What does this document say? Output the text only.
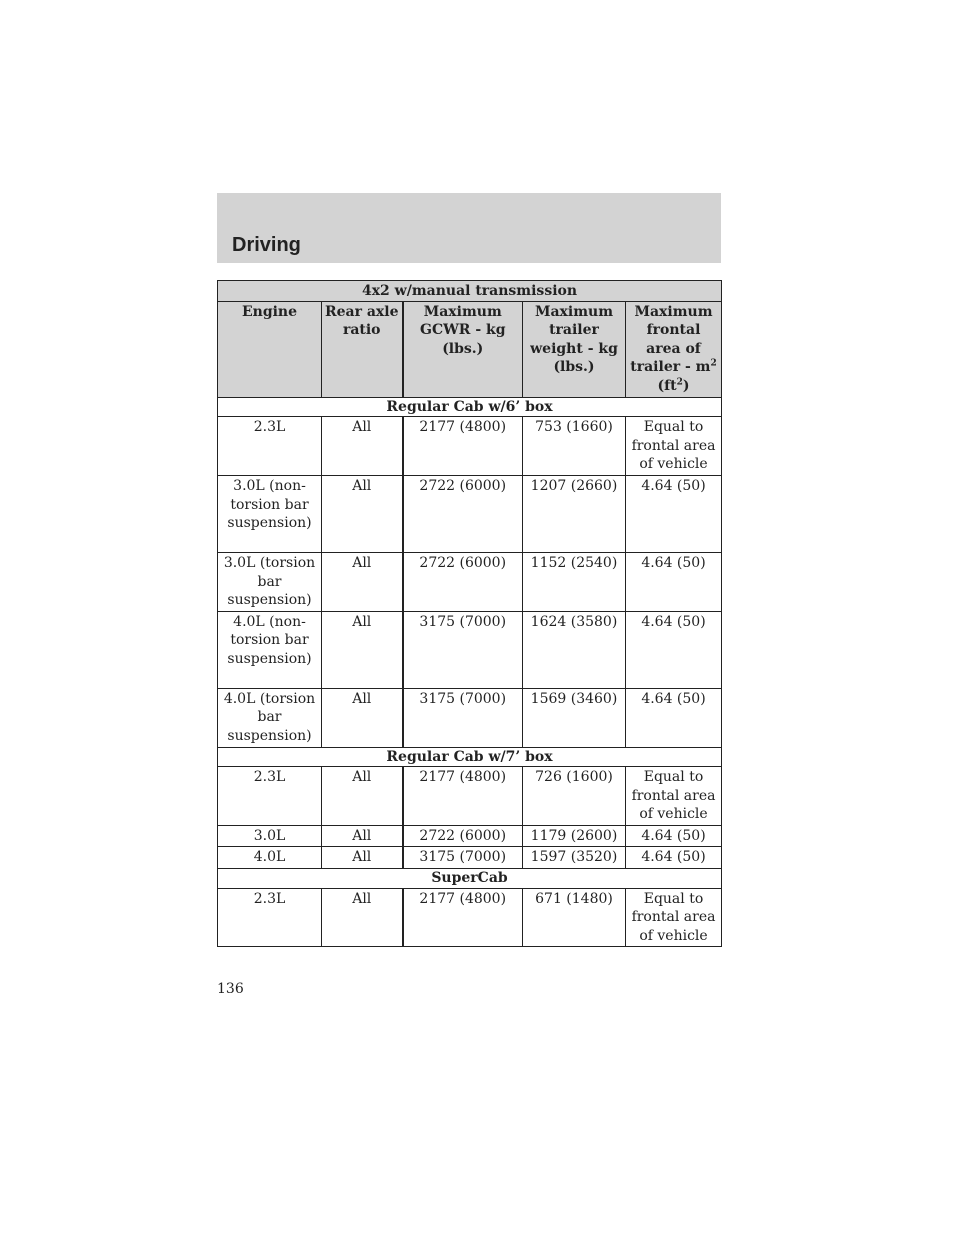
Driving
4x2 w/manual transmission				
Engine	Rear axle ratio	Maximum GCWR - kg (lbs.)	Maximum trailer weight - kg (lbs.)	Maximum frontal area of trailer - $m^2$ $(ft^2)$
Regular Cab w/6’ box				
2.3L	All	2177 (4800)	753 (1660)	Equal to frontal area of vehicle
3.0L (non-torsion bar suspension)	All	2722 (6000)	1207 (2660)	4.64 (50)
3.0L (torsion bar suspension)	All	2722 (6000)	1152 (2540)	4.64 (50)
4.0L (non-torsion bar suspension)	All	3175 (7000)	1624 (3580)	4.64 (50)
4.0L (torsion bar suspension)	All	3175 (7000)	1569 (3460)	4.64 (50)
Regular Cab w/7’ box				
2.3L	All	2177 (4800)	726 (1600)	Equal to frontal area of vehicle
3.0L	All	2722 (6000)	1179 (2600)	4.64 (50)
4.0L	All	3175 (7000)	1597 (3520)	4.64 (50)
SuperCab				
2.3L	All	2177 (4800)	671 (1480)	Equal to frontal area of vehicle
136
